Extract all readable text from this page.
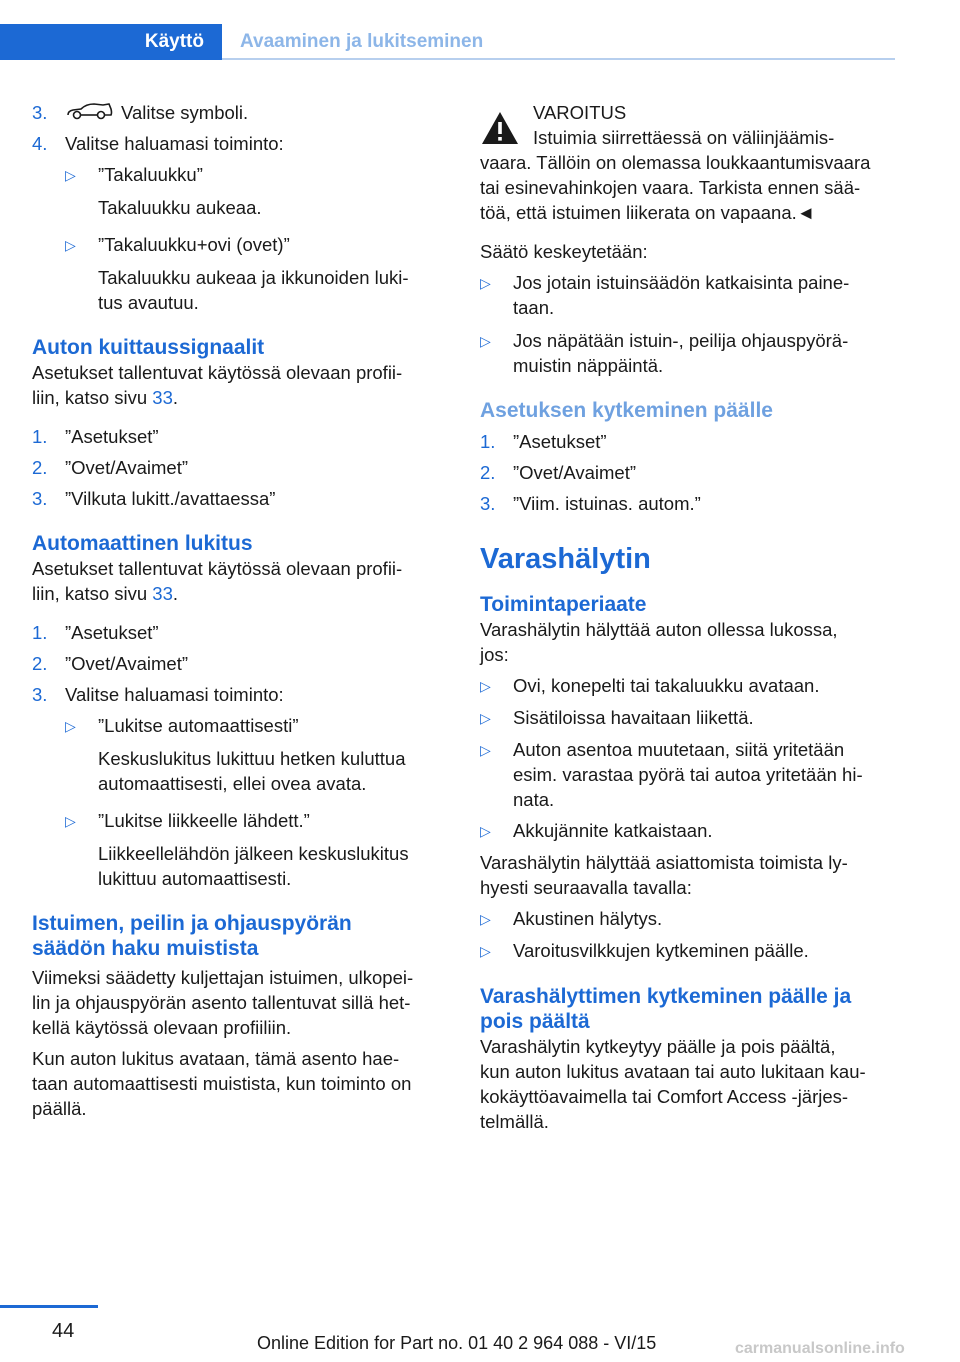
Käyttö	Avaaminen ja lukitseminen
3.	Valitse symboli.
4. Valitse haluamasi toiminto:
▷	”Takaluukku”

Takaluukku aukeaa.

▷	”Takaluukku+ovi (ovet)”

Takaluukku aukeaa ja ikkunoiden luki‐

tus avautuu.

Auton kuittaussignaalit

Asetukset tallentuvat käytössä olevaan profii‐

liin, katso sivu 33.

1. ”Asetukset”
2. ”Ovet/Avaimet”
3. ”Vilkuta lukitt./avattaessa”
Automaattinen lukitus

Asetukset tallentuvat käytössä olevaan profii‐

liin, katso sivu 33.

1. ”Asetukset”
2. ”Ovet/Avaimet”
3. Valitse haluamasi toiminto:
▷	”Lukitse automaattisesti”

Keskuslukitus lukittuu hetken kuluttua

automaattisesti, ellei ovea avata.

▷	”Lukitse liikkeelle lähdett.”

Liikkeellelähdön jälkeen keskuslukitus

lukittuu automaattisesti.

Istuimen, peilin ja ohjauspyörän
säädön haku muistista

Viimeksi säädetty kuljettajan istuimen, ulkopei‐

lin ja ohjauspyörän asento tallentuvat sillä het‐

kellä käytössä olevaan profiiliin.

Kun auton lukitus avataan, tämä asento hae‐

taan automaattisesti muistista, kun toiminto on

päällä.

VAROITUS

Istuimia siirrettäessä on väliinjäämis‐

vaara. Tällöin on olemassa loukkaantumisvaara

tai esinevahinkojen vaara. Tarkista ennen sää‐

töä, että istuimen liikerata on vapaana.◄

Säätö keskeytetään:

▷	Jos jotain istuinsäädön katkaisinta paine‐

taan.

▷	Jos näpätään istuin-, peilija ohjauspyörä‐

muistin näppäintä.

Asetuksen kytkeminen päälle
1. ”Asetukset”
2. ”Ovet/Avaimet”
3. ”Viim. istuinas. autom.”
Varashälytin
Toimintaperiaate

Varashälytin hälyttää auton ollessa lukossa,

jos:

▷	Ovi, konepelti tai takaluukku avataan.

▷	Sisätiloissa havaitaan liikettä.

▷	Auton asentoa muutetaan, siitä yritetään

esim. varastaa pyörä tai autoa yritetään hi‐

nata.

▷	Akkujännite katkaistaan.

Varashälytin hälyttää asiattomista toimista ly‐

hyesti seuraavalla tavalla:

▷	Akustinen hälytys.
▷	Varoitusvilkkujen kytkeminen päälle.
Varashälyttimen kytkeminen päälle ja
pois päältä

Varashälytin kytkeytyy päälle ja pois päältä,

kun auton lukitus avataan tai auto lukitaan kau‐

kokäyttöavaimella tai Comfort Access -järjes‐

telmällä.

44
Online Edition for Part no. 01 40 2 964 088 - VI/15	carmanualsonline.info
